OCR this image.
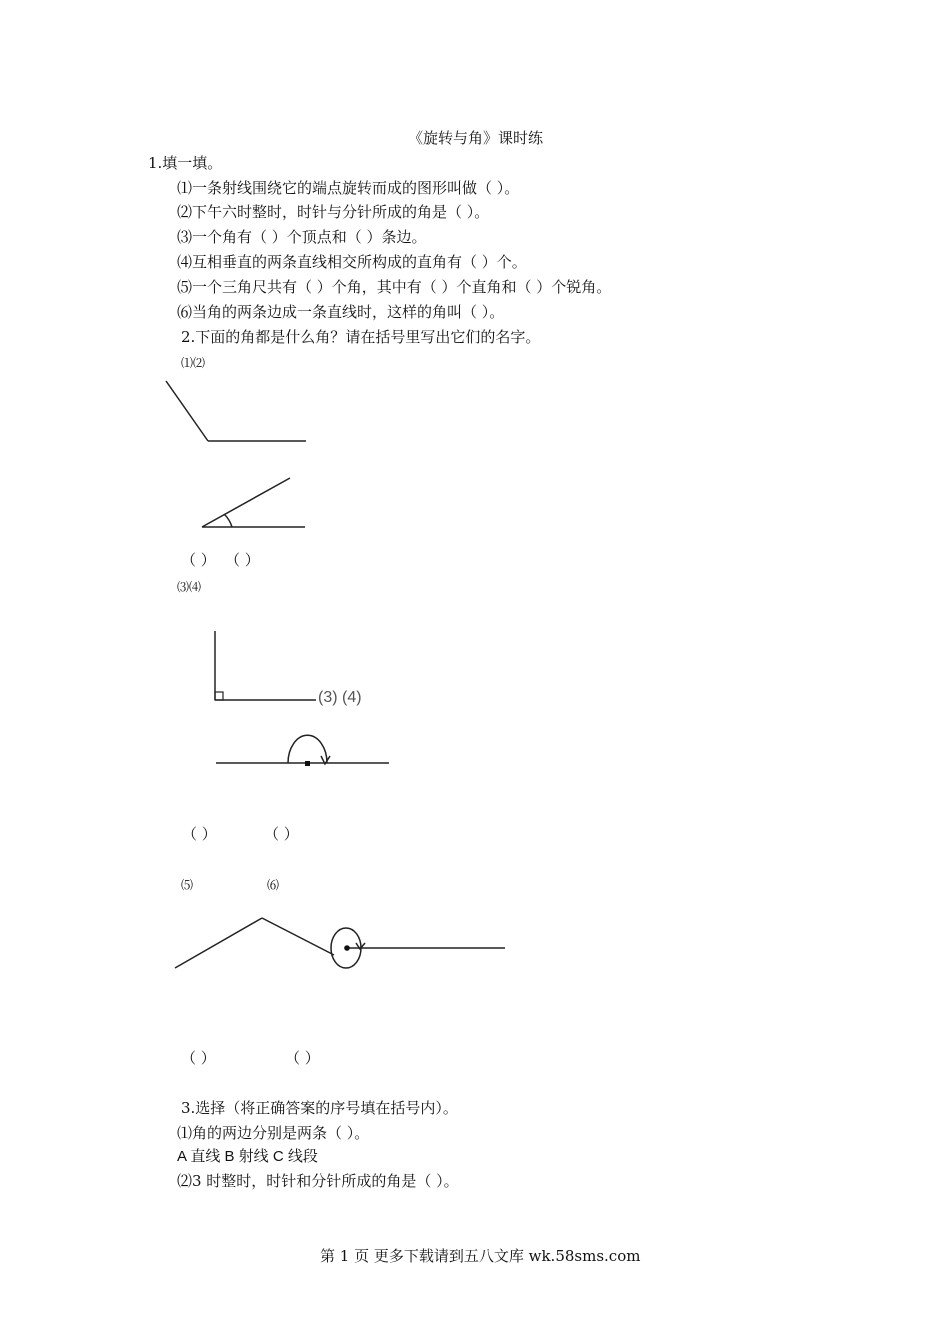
《旋转与角》课时练
1.填一填。
⑴一条射线围绕它的端点旋转而成的图形叫做（ ）。
⑵下午六时整时，时针与分针所成的角是（ ）。
⑶一个角有（ ）个顶点和（ ）条边。
⑷互相垂直的两条直线相交所构成的直角有（ ）个。
⑸一个三角尺共有（ ）个角，其中有（ ）个直角和（ ）个锐角。
⑹当角的两条边成一条直线时，这样的角叫（ ）。
2.下面的角都是什么角？请在括号里写出它们的名字。
⑴⑵
（ ） （ ）
⑶⑷
(3) (4)
（ ）	（ ）
⑸	⑹
（ ）	（ ）
3.选择（将正确答案的序号填在括号内）。
⑴角的两边分别是两条（ ）。
A 直线 B 射线 C 线段
⑵3 时整时，时针和分针所成的角是（ ）。
第 1 页 更多下载请到五八文库 wk.58sms.com
